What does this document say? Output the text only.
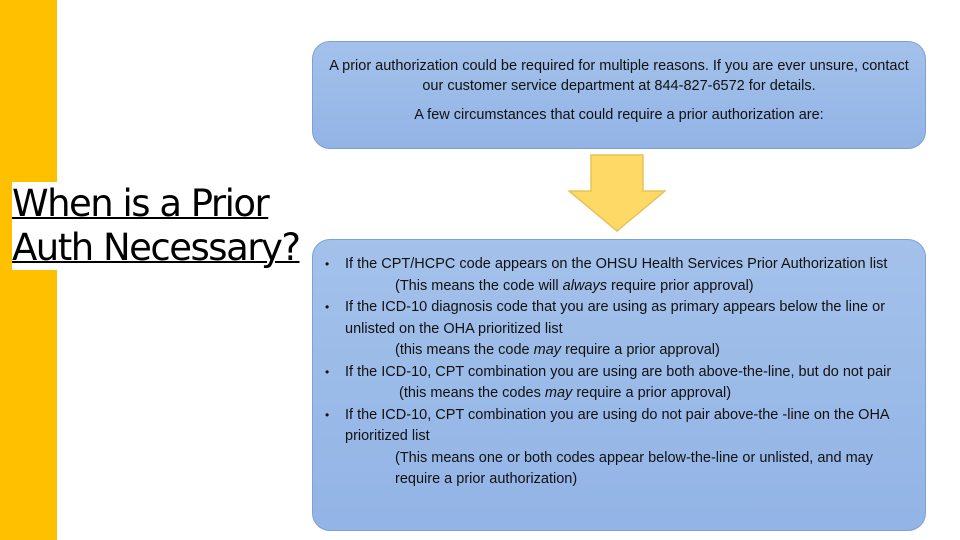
When is a Prior
Auth Necessary?

A prior authorization could be required for multiple reasons. If you are ever unsure, contact our customer service department at 844-827-6572 for details.

A few circumstances that could require a prior authorization are:

• If the CPT/HCPC code appears on the OHSU Health Services Prior Authorization list
(This means the code will always require prior approval)
• If the ICD-10 diagnosis code that you are using as primary appears below the line or unlisted on the OHA prioritized list
(this means the code may require a prior approval)
• If the ICD-10, CPT combination you are using are both above-the-line, but do not pair
(this means the codes may require a prior approval)
• If the ICD-10, CPT combination you are using do not pair above-the -line on the OHA prioritized list
(This means one or both codes appear below-the-line or unlisted, and may require a prior authorization)
